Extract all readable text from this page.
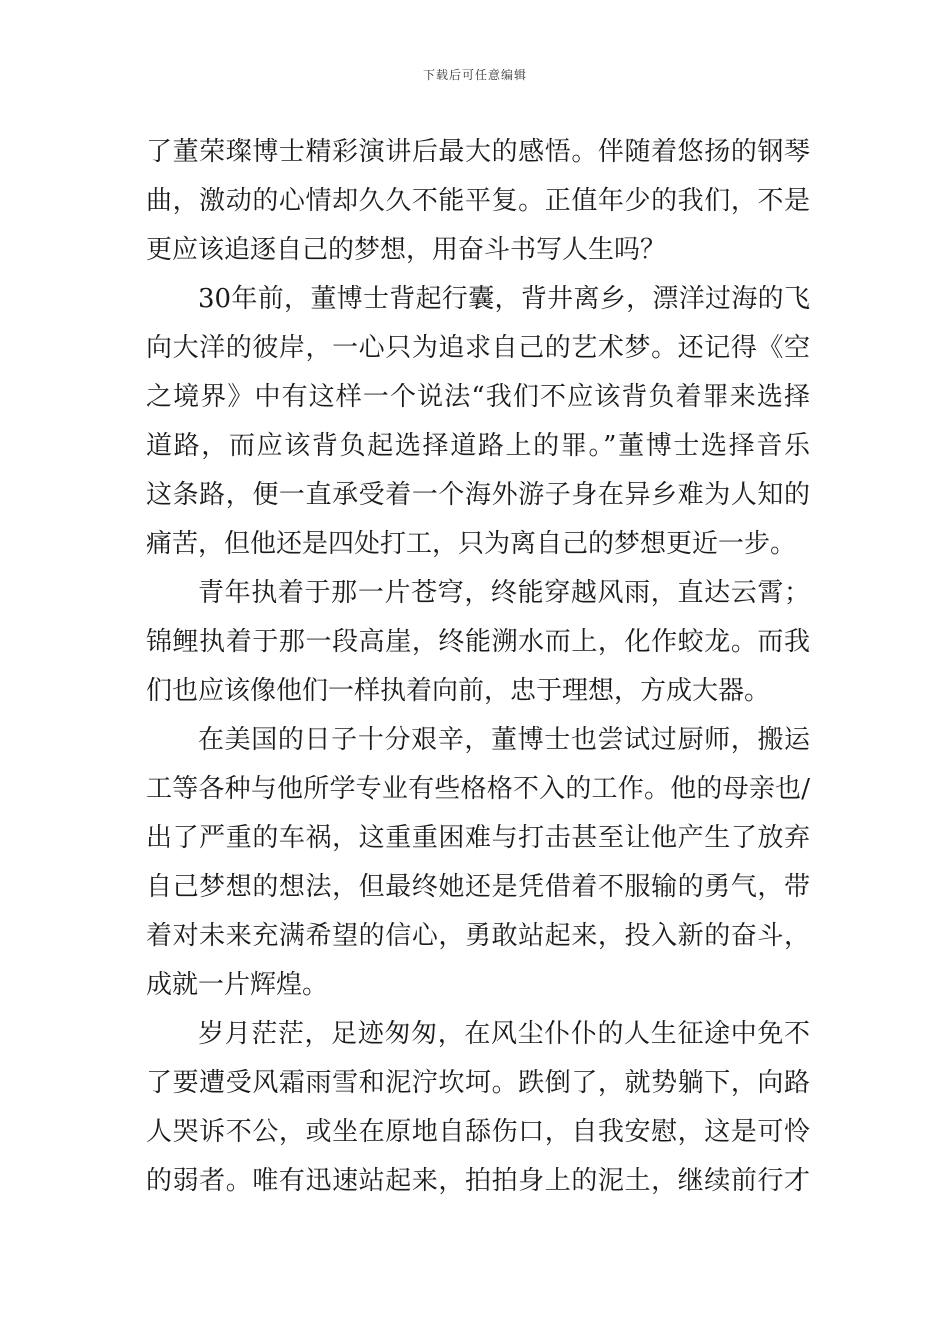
下载后可任意编辑
了董荣璨博士精彩演讲后最大的感悟。伴随着悠扬的钢琴
曲，激动的心情却久久不能平复。正值年少的我们，不是
更应该追逐自己的梦想，用奋斗书写人生吗？
30年前，董博士背起行囊，背井离乡，漂洋过海的飞
向大洋的彼岸，一心只为追求自己的艺术梦。还记得《空
之境界》中有这样一个说法“我们不应该背负着罪来选择
道路，而应该背负起选择道路上的罪。”董博士选择音乐
这条路，便一直承受着一个海外游子身在异乡难为人知的
痛苦，但他还是四处打工，只为离自己的梦想更近一步。
青年执着于那一片苍穹，终能穿越风雨，直达云霄；
锦鲤执着于那一段高崖，终能溯水而上，化作蛟龙。而我
们也应该像他们一样执着向前，忠于理想，方成大器。
在美国的日子十分艰辛，董博士也尝试过厨师，搬运
工等各种与他所学专业有些格格不入的工作。他的母亲也/
出了严重的车祸，这重重困难与打击甚至让他产生了放弃
自己梦想的想法，但最终她还是凭借着不服输的勇气，带
着对未来充满希望的信心，勇敢站起来，投入新的奋斗，
成就一片辉煌。
岁月茫茫，足迹匆匆，在风尘仆仆的人生征途中免不
了要遭受风霜雨雪和泥泞坎坷。跌倒了，就势躺下，向路
人哭诉不公，或坐在原地自舔伤口，自我安慰，这是可怜
的弱者。唯有迅速站起来，拍拍身上的泥土，继续前行才
